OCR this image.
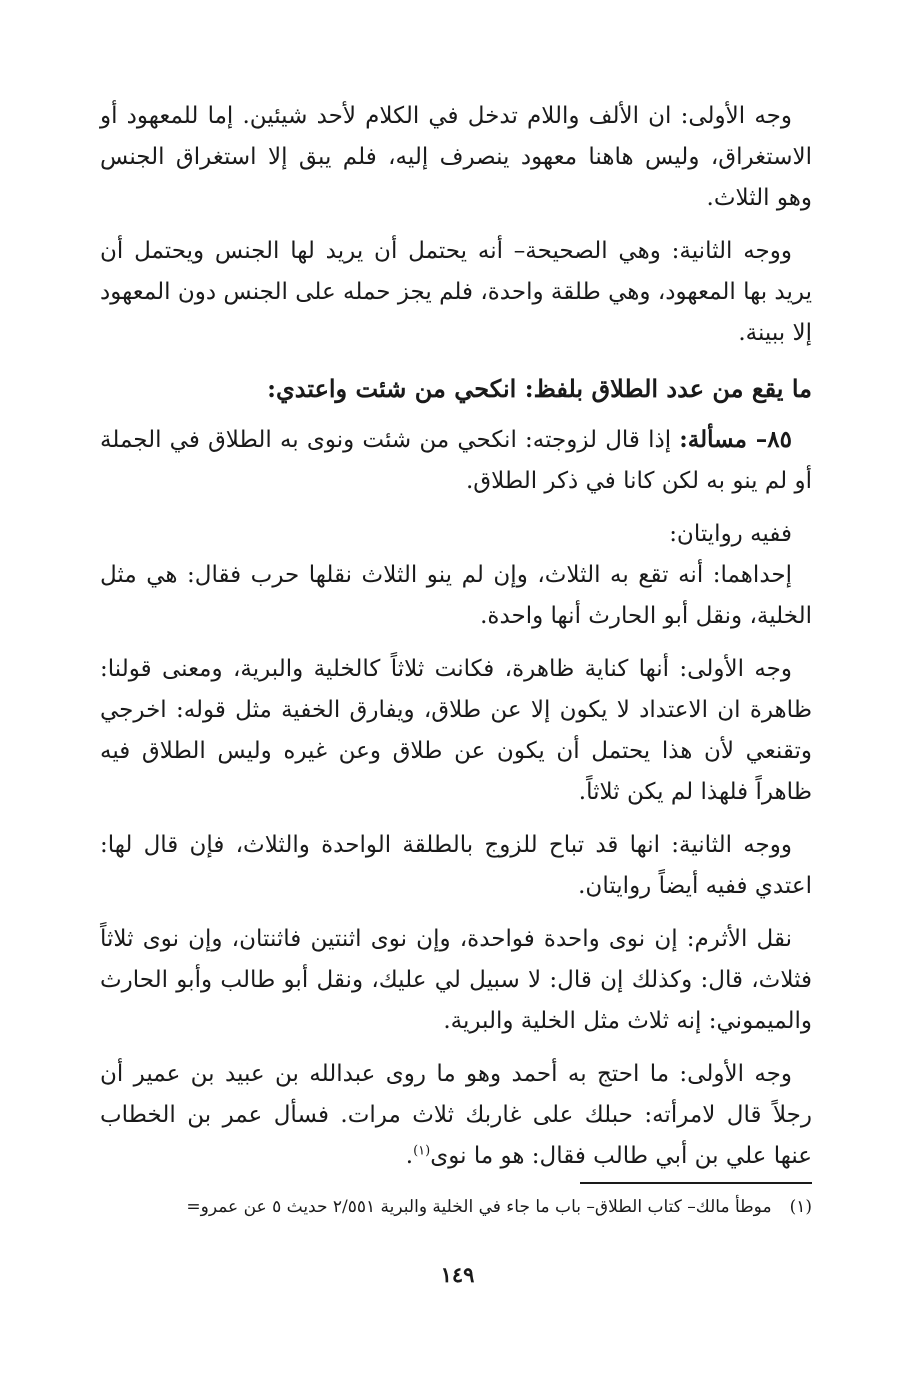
وجه الأولى: ان الألف واللام تدخل في الكلام لأحد شيئين. إما للمعهود أو الاستغراق، وليس هاهنا معهود ينصرف إليه، فلم يبق إلا استغراق الجنس وهو الثلاث.

ووجه الثانية: وهي الصحيحة– أنه يحتمل أن يريد لها الجنس ويحتمل أن يريد بها المعهود، وهي طلقة واحدة، فلم يجز حمله على الجنس دون المعهود إلا ببينة.

ما يقع من عدد الطلاق بلفظ: انكحي من شئت واعتدي:

٨٥– مسألة: إذا قال لزوجته: انكحي من شئت ونوى به الطلاق في الجملة أو لم ينو به لكن كانا في ذكر الطلاق.

ففيه روايتان:

إحداهما: أنه تقع به الثلاث، وإن لم ينو الثلاث نقلها حرب فقال: هي مثل الخلية، ونقل أبو الحارث أنها واحدة.

وجه الأولى: أنها كناية ظاهرة، فكانت ثلاثاً كالخلية والبرية، ومعنى قولنا: ظاهرة ان الاعتداد لا يكون إلا عن طلاق، ويفارق الخفية مثل قوله: اخرجي وتقنعي لأن هذا يحتمل أن يكون عن طلاق وعن غيره وليس الطلاق فيه ظاهراً فلهذا لم يكن ثلاثاً.

ووجه الثانية: انها قد تباح للزوج بالطلقة الواحدة والثلاث، فإن قال لها: اعتدي ففيه أيضاً روايتان.

نقل الأثرم: إن نوى واحدة فواحدة، وإن نوى اثنتين فاثنتان، وإن نوى ثلاثاً فثلاث، قال: وكذلك إن قال: لا سبيل لي عليك، ونقل أبو طالب وأبو الحارث والميموني: إنه ثلاث مثل الخلية والبرية.

وجه الأولى: ما احتج به أحمد وهو ما روى عبدالله بن عبيد بن عمير أن رجلاً قال لامرأته: حبلك على غاربك ثلاث مرات. فسأل عمر بن الخطاب عنها علي بن أبي طالب فقال: هو ما نوى$^{(١)}$.

(١)موطأ مالك– كتاب الطلاق– باب ما جاء في الخلية والبرية ٢/٥٥١ حديث ٥ عن عمرو=
١٤٩
